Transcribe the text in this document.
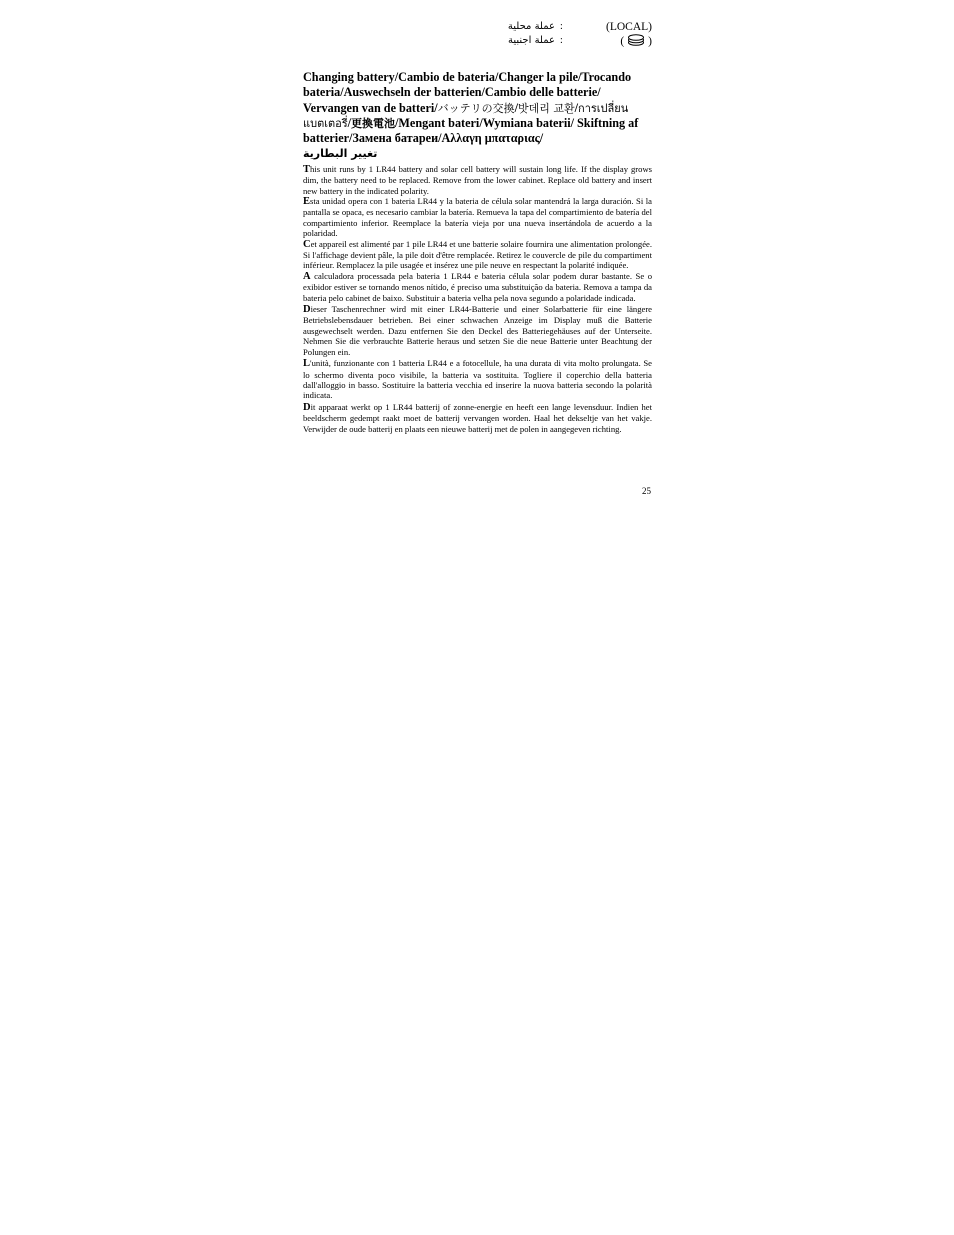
عملة محلية :	(LOCAL)
عملة اجنبية :	( )
Changing battery/Cambio de bateria/Changer la pile/Trocando bateria/Auswechseln der batterien/Cambio delle batterie/ Vervangen van de batteri/バッテリの交換/밧데리 교환/การเปลี่ยนแบตเตอรี่/更換電池/Mengant bateri/Wymiana baterii/ Skiftning af batterier/Замена батареи/Αλλαγη μπαταριας/
تغيير البطارية

This unit runs by 1 LR44 battery and solar cell battery will sustain long life. If the display grows dim, the battery need to be replaced. Remove from the lower cabinet. Replace old battery and insert new battery in the indicated polarity.

Esta unidad opera con 1 bateria LR44 y la bateria de célula solar mantendrá la larga duración. Si la pantalla se opaca, es necesario cambiar la batería. Remueva la tapa del compartimiento de batería del compartimiento inferior. Reemplace la batería vieja por una nueva insertándola de acuerdo a la polaridad.

Cet appareil est alimenté par 1 pile LR44 et une batterie solaire fournira une alimentation prolongée. Si l'affichage devient pâle, la pile doit d'être remplacée. Retirez le couvercle de pile du compartiment inférieur. Remplacez la pile usagée et insérez une pile neuve en respectant la polarité indiquée.

A calculadora processada pela bateria 1 LR44 e bateria célula solar podem durar bastante. Se o exibidor estiver se tornando menos nítido, é preciso uma substituição da bateria. Remova a tampa da bateria pelo cabinet de baixo. Substituir a bateria velha pela nova segundo a polaridade indicada.

Dieser Taschenrechner wird mit einer LR44-Batterie und einer Solarbatterie für eine längere Betriebslebensdauer betrieben. Bei einer schwachen Anzeige im Display muß die Batterie ausgewechselt werden. Dazu entfernen Sie den Deckel des Batteriegehäuses auf der Unterseite. Nehmen Sie die verbrauchte Batterie heraus und setzen Sie die neue Batterie unter Beachtung der Polungen ein.

L'unità, funzionante con 1 batteria LR44 e a fotocellule, ha una durata di vita molto prolungata. Se lo schermo diventa poco visibile, la batteria va sostituita. Togliere il coperchio della batteria dall'alloggio in basso. Sostituire la batteria vecchia ed inserire la nuova batteria secondo la polarità indicata.

Dit apparaat werkt op 1 LR44 batterij of zonne-energie en heeft een lange levensduur. Indien het beeldscherm gedempt raakt moet de batterij vervangen worden. Haal het dekseltje van het vakje. Verwijder de oude batterij en plaats een nieuwe batterij met de polen in aangegeven richting.

25
